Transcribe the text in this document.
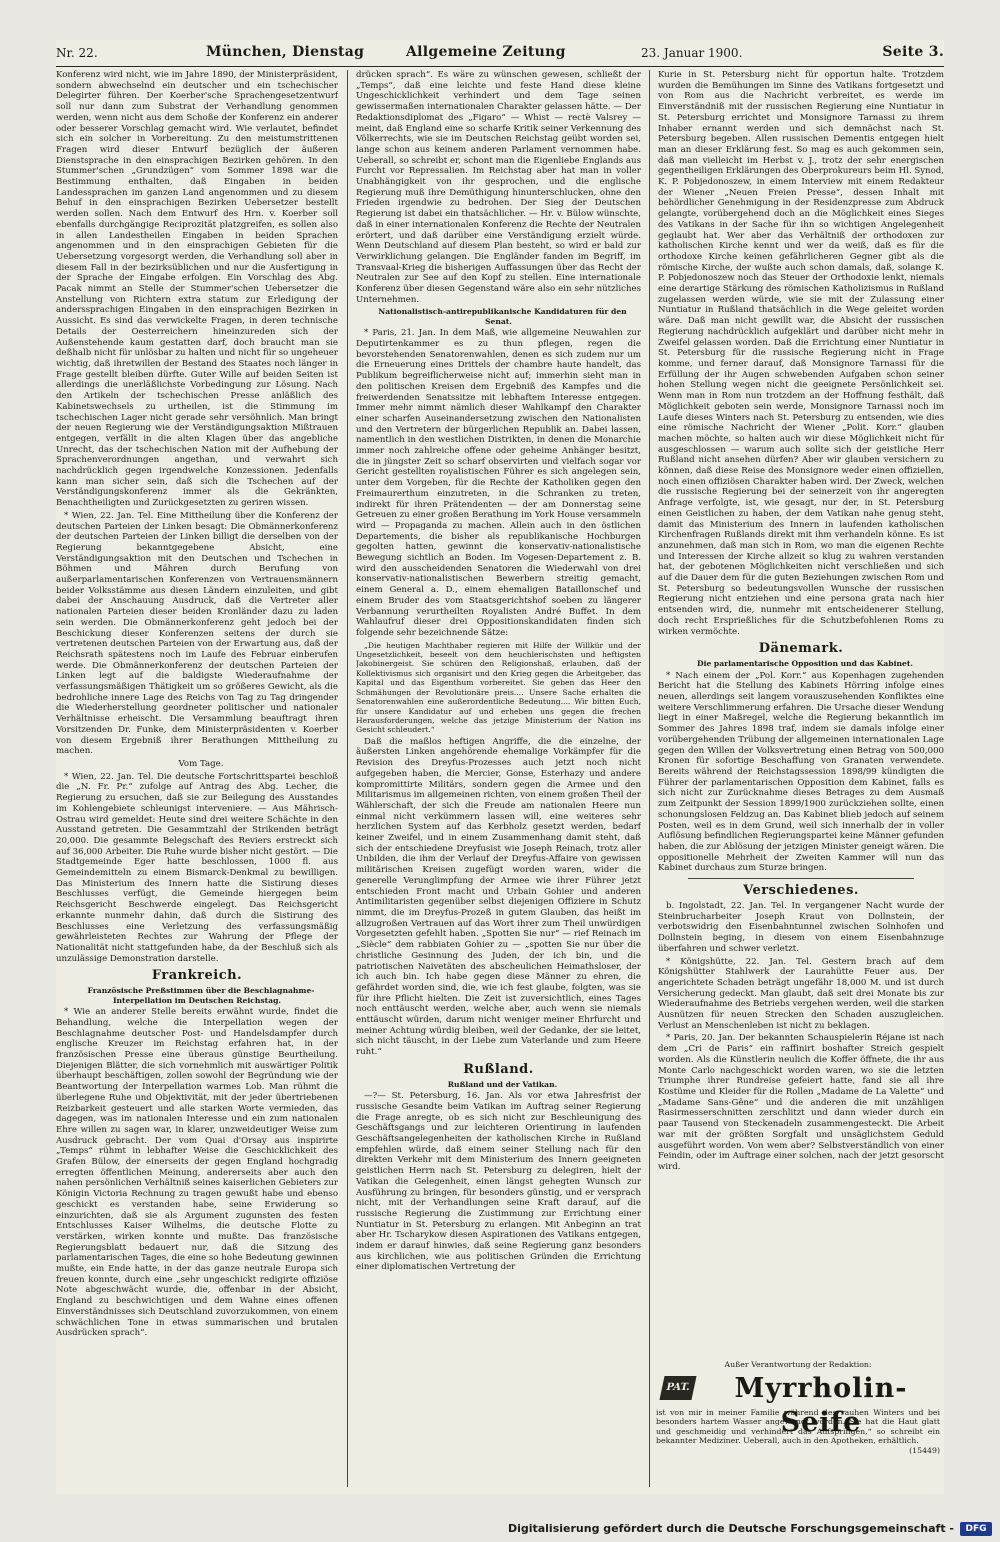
Nr. 22.	München, Dienstag	Allgemeine Zeitung	23. Januar 1900.	Seite 3.

Konferenz wird nicht, wie im Jahre 1890, der Ministerpräsident, sondern abwechselnd ein deutscher und ein tschechischer Delegirter führen. Der Koerber'sche Sprachengesetzentwurf soll nur dann zum Substrat der Verhandlung genommen werden, wenn nicht aus dem Schoße der Konferenz ein anderer oder besserer Vorschlag gemacht wird. Wie verlautet, befindet sich ein solcher in Vorbereitung. Zu den meistumstrittenen Fragen wird dieser Entwurf bezüglich der äußeren Dienstsprache in den einsprachigen Bezirken gehören. In den Stummer'schen „Grundzügen“ vom Sommer 1898 war die Bestimmung enthalten, daß Eingaben in beiden Landessprachen im ganzen Land angenommen und zu diesem Behuf in den einsprachigen Bezirken Uebersetzer bestellt werden sollen. Nach dem Entwurf des Hrn. v. Koerber soll ebenfalls durchgängige Reciprozität platzgreifen, es sollen also in allen Landestheilen Eingaben in beiden Sprachen angenommen und in den einsprachigen Gebieten für die Uebersetzung vorgesorgt werden, die Verhandlung soll aber in diesem Fall in der bezirksüblichen und nur die Ausfertigung in der Sprache der Eingabe erfolgen. Ein Vorschlag des Abg. Pacak nimmt an Stelle der Stummer'schen Uebersetzer die Anstellung von Richtern extra statum zur Erledigung der anderssprachigen Eingaben in den einsprachigen Bezirken in Aussicht. Es sind das verwickelte Fragen, in deren technische Details der Oesterreichern hineinzureden sich der Außenstehende kaum gestatten darf, doch braucht man sie deßhalb nicht für unlösbar zu halten und nicht für so ungeheuer wichtig, daß ihretwillen der Bestand des Staates noch länger in Frage gestellt bleiben dürfte. Guter Wille auf beiden Seiten ist allerdings die unerläßlichste Vorbedingung zur Lösung. Nach den Artikeln der tschechischen Presse anläßlich des Kabinetswechsels zu urtheilen, ist die Stimmung im tschechischen Lager nicht gerade sehr versöhnlich. Man bringt der neuen Regierung wie der Verständigungsaktion Mißtrauen entgegen, verfällt in die alten Klagen über das angebliche Unrecht, das der tschechischen Nation mit der Aufhebung der Sprachenverordnungen angethan, und verwahrt sich nachdrücklich gegen irgendwelche Konzessionen. Jedenfalls kann man sicher sein, daß sich die Tschechen auf der Verständigungskonferenz immer als die Gekränkten, Benachtheiligten und Zurückgesetzten zu geriren wissen.

* Wien, 22. Jan. Tel. Eine Mittheilung über die Konferenz der deutschen Parteien der Linken besagt: Die Obmännerkonferenz der deutschen Parteien der Linken billigt die derselben von der Regierung bekanntgegebene Absicht, eine Verständigungsaktion mit den Deutschen und Tschechen in Böhmen und Mähren durch Berufung von außerparlamentarischen Konferenzen von Vertrauensmännern beider Volksstämme aus diesen Ländern einzuleiten, und gibt dabei der Anschauung Ausdruck, daß die Vertreter aller nationalen Parteien dieser beiden Kronländer dazu zu laden sein werden. Die Obmännerkonferenz geht jedoch bei der Beschickung dieser Konferenzen seitens der durch sie vertretenen deutschen Parteien von der Erwartung aus, daß der Reichsrath spätestens noch im Laufe des Februar einberufen werde. Die Obmännerkonferenz der deutschen Parteien der Linken legt auf die baldigste Wiederaufnahme der verfassungsmäßigen Thätigkeit um so größeres Gewicht, als die bedrohliche innere Lage des Reichs von Tag zu Tag dringender die Wiederherstellung geordneter politischer und nationaler Verhältnisse erheischt. Die Versammlung beauftragt ihren Vorsitzenden Dr. Funke, dem Ministerpräsidenten v. Koerber von diesem Ergebniß ihrer Berathungen Mittheilung zu machen.

Vom Tage.

* Wien, 22. Jan. Tel. Die deutsche Fortschrittspartei beschloß die „N. Fr. Pr.“ zufolge auf Antrag des Abg. Lecher, die Regierung zu ersuchen, daß sie zur Beilegung des Ausstandes im Kohlengebiete schleunigst interveniere. — Aus Mährisch-Ostrau wird gemeldet: Heute sind drei weitere Schächte in den Ausstand getreten. Die Gesammtzahl der Strikenden beträgt 20,000. Die gesammte Belegschaft des Reviers erstreckt sich auf 36,000 Arbeiter. Die Ruhe wurde bisher nicht gestört. — Die Stadtgemeinde Eger hatte beschlossen, 1000 fl. aus Gemeindemitteln zu einem Bismarck-Denkmal zu bewilligen. Das Ministerium des Innern hatte die Sistirung dieses Beschlusses verfügt, die Gemeinde hiergegen beim Reichsgericht Beschwerde eingelegt. Das Reichsgericht erkannte nunmehr dahin, daß durch die Sistirung des Beschlusses eine Verletzung des verfassungsmäßig gewährleisteten Rechtes zur Wahrung der Pflege der Nationalität nicht stattgefunden habe, da der Beschluß sich als unzulässige Demonstration darstelle.

Frankreich.

Französische Preßstimmen über die Beschlagnahme-Interpellation im Deutschen Reichstag.

* Wie an anderer Stelle bereits erwähnt wurde, findet die Behandlung, welche die Interpellation wegen der Beschlagnahme deutscher Post- und Handelsdampfer durch englische Kreuzer im Reichstag erfahren hat, in der französischen Presse eine überaus günstige Beurtheilung. Diejenigen Blätter, die sich vornehmlich mit auswärtiger Politik überhaupt beschäftigen, zollen sowohl der Begründung wie der Beantwortung der Interpellation warmes Lob. Man rühmt die überlegene Ruhe und Objektivität, mit der jeder übertriebenen Reizbarkeit gesteuert und alle starken Worte vermieden, das dagegen, was im nationalen Interesse und ein zum nationalen Ehre willen zu sagen war, in klarer, unzweideutiger Weise zum Ausdruck gebracht. Der vom Quai d'Orsay aus inspirirte „Temps“ rühmt in lebhafter Weise die Geschicklichkeit des Grafen Bülow, der einerseits der gegen England hochgradig erregten öffentlichen Meinung, andererseits aber auch den nahen persönlichen Verhältniß seines kaiserlichen Gebieters zur Königin Victoria Rechnung zu tragen gewußt habe und ebenso geschickt es verstanden habe, seine Erwiderung so einzurichten, daß sie als Argument zugunsten des festen Entschlusses Kaiser Wilhelms, die deutsche Flotte zu verstärken, wirken konnte und mußte. Das französische Regierungsblatt bedauert nur, daß die Sitzung des parlamentarischen Tages, die eine so hohe Bedeutung gewinnen mußte, ein Ende hatte, in der das ganze neutrale Europa sich freuen konnte, durch eine „sehr ungeschickt redigirte offiziöse Note abgeschwächt wurde, die, offenbar in der Absicht, England zu beschwichtigen und dem Wahne eines offenen Einverständnisses sich Deutschland zuvorzukommen, von einem schwächlichen Tone in etwas summarischen und brutalen Ausdrücken sprach“.

drücken sprach“. Es wäre zu wünschen gewesen, schließt der „Temps“, daß eine leichte und feste Hand diese kleine Ungeschicklichkeit verhindert und dem Tage seinen gewissermaßen internationalen Charakter gelassen hätte. — Der Redaktionsdiplomat des „Figaro“ — Whist — rectè Valsrey — meint, daß England eine so scharfe Kritik seiner Verkennung des Völkerrechts, wie sie im Deutschen Reichstag geübt worden sei, lange schon aus keinem anderen Parlament vernommen habe. Ueberall, so schreibt er, schont man die Eigenliebe Englands aus Furcht vor Repressalien. Im Reichstag aber hat man in voller Unabhängigkeit von ihr gesprochen, und die englische Regierung muß ihre Demüthigung hinunterschlucken, ohne den Frieden irgendwie zu bedrohen. Der Sieg der Deutschen Regierung ist dabei ein thatsächlicher. — Hr. v. Bülow wünschte, daß in einer internationalen Konferenz die Rechte der Neutralen erörtert, und daß darüber eine Verständigung erzielt würde. Wenn Deutschland auf diesem Plan besteht, so wird er bald zur Verwirklichung gelangen. Die Engländer fanden im Begriff, im Transvaal-Krieg die bisherigen Auffassungen über das Recht der Neutralen zur See auf den Kopf zu stellen. Eine internationale Konferenz über diesen Gegenstand wäre also ein sehr nützliches Unternehmen.

Nationalistisch-antirepublikanische Kandidaturen für den Senat.

* Paris, 21. Jan. In dem Maß, wie allgemeine Neuwahlen zur Deputirtenkammer es zu thun pflegen, regen die bevorstehenden Senatorenwahlen, denen es sich zudem nur um die Erneuerung eines Drittels der chambre haute handelt, das Publikum begreiflicherweise nicht auf; immerhin sieht man in den politischen Kreisen dem Ergebniß des Kampfes und die freiwerdenden Senatssitze mit lebhaftem Interesse entgegen. Immer mehr nimmt nämlich dieser Wahlkampf den Charakter einer scharfen Auseinandersetzung zwischen den Nationalisten und den Vertretern der bürgerlichen Republik an. Dabei lassen, namentlich in den westlichen Distrikten, in denen die Monarchie immer noch zahlreiche offene oder geheime Anhänger besitzt, die in jüngster Zeit so scharf observirten und vielfach sogar vor Gericht gestellten royalistischen Führer es sich angelegen sein, unter dem Vorgeben, für die Rechte der Katholiken gegen den Freimaurerthum einzutreten, in die Schranken zu treten, indirekt für ihren Prätendenten — der am Donnerstag seine Getreuen zu einer großen Berathung im York House versammeln wird — Propaganda zu machen. Allein auch in den östlichen Departements, die bisher als republikanische Hochburgen gegolten hatten, gewinnt die konservativ-nationalistische Bewegung sichtlich an Boden. Im Vogesen-Departement z. B. wird den ausscheidenden Senatoren die Wiederwahl von drei konservativ-nationalistischen Bewerbern streitig gemacht, einem General a. D., einem ehemaligen Bataillonschef und einem Bruder des vom Staatsgerichtshof soeben zu längerer Verbannung verurtheilten Royalisten André Buffet. In dem Wahlaufruf dieser drei Oppositionskandidaten finden sich folgende sehr bezeichnende Sätze:

„Die heutigen Machthaber regieren mit Hilfe der Willkür und der Ungesetzlichkeit, beseelt von dem heuchlerischsten und heftigsten Jakobinergeist. Sie schüren den Religionshaß, erlauben, daß der Kollektivismus sich organisirt und den Krieg gegen die Arbeitgeber, das Kapital und das Eigenthum vorbereitet. Sie geben das Heer den Schmähungen der Revolutionäre preis.... Unsere Sache erhalten die Senatorenwahlen eine außerordentliche Bedeutung.... Wir bitten Euch, für unsere Kandidatur auf und erheben uns gegen die frechen Herausforderungen, welche das jetzige Ministerium der Nation ins Gesicht schleudert.“

Daß die maßlos heftigen Angriffe, die die einzelne, der äußersten Linken angehörende ehemalige Vorkämpfer für die Revision des Dreyfus-Prozesses auch jetzt noch nicht aufgegeben haben, die Mercier, Gonse, Esterhazy und andere kompromittirte Militärs, sondern gegen die Armee und den Militarismus im allgemeinen richten, von einem großen Theil der Wählerschaft, der sich die Freude am nationalen Heere nun einmal nicht verkümmern lassen will, eine weiteres sehr herzlichen System auf das Kerbholz gesetzt werden, bedarf keiner Zweifel, und in einem Zusammenhang damit steht, daß sich der entschiedene Dreyfusist wie Joseph Reinach, trotz aller Unbilden, die ihm der Verlauf der Dreyfus-Affaire von gewissen militärischen Kreisen zugefügt worden waren, wider die generelle Verunglimpfung der Armee wie ihrer Führer jetzt entschieden Front macht und Urbain Gohier und anderen Antimilitaristen gegenüber selbst diejenigen Offiziere in Schutz nimmt, die im Dreyfus-Prozeß in gutem Glauben, das heißt im allzugroßen Vertrauen auf das Wort ihrer zum Theil unwürdigen Vorgesetzten gefehlt haben. „Spotten Sie nur“ — rief Reinach im „Siècle“ dem rabbiaten Gohier zu — „spotten Sie nur über die christliche Gesinnung des Juden, der ich bin, und die patriotischen Naivetäten des abscheulichen Heimathsloser, der ich auch bin. Ich habe gegen diese Männer zu ehren, die gefährdet worden sind, die, wie ich fest glaube, folgten, was sie für ihre Pflicht hielten. Die Zeit ist zuversichtlich, eines Tages noch enttäuscht werden, welche aber, auch wenn sie niemals enttäuscht würden, darum nicht weniger meiner Ehrfurcht und meiner Achtung würdig bleiben, weil der Gedanke, der sie leitet, sich nicht täuscht, in der Liebe zum Vaterlande und zum Heere ruht.“

Rußland.

Rußland und der Vatikan.

—?— St. Petersburg, 16. Jan. Als vor etwa Jahresfrist der russische Gesandte beim Vatikan im Auftrag seiner Regierung die Frage anregte, ob es sich nicht zur Beschleunigung des Geschäftsgangs und zur leichteren Orientirung in laufenden Geschäftsangelegenheiten der katholischen Kirche in Rußland empfehlen würde, daß einem seiner Stellung nach für den direkten Verkehr mit dem Ministerium des Innern geeigneten geistlichen Herrn nach St. Petersburg zu delegiren, hielt der Vatikan die Gelegenheit, einen längst gehegten Wunsch zur Ausführung zu bringen, für besonders günstig, und er versprach nicht, mit der Verhandlungen seine Kraft darauf, auf die russische Regierung die Zustimmung zur Errichtung einer Nuntiatur in St. Petersburg zu erlangen. Mit Anbeginn an trat aber Hr. Tscharykow diesen Aspirationen des Vatikans entgegen, indem er darauf hinwies, daß seine Regierung ganz besonders aus kirchlichen, wie aus politischen Gründen die Errichtung einer diplomatischen Vertretung der

Kurie in St. Petersburg nicht für opportun halte. Trotzdem wurden die Bemühungen im Sinne des Vatikans fortgesetzt und von Rom aus die Nachricht verbreitet, es werde im Einverständniß mit der russischen Regierung eine Nuntiatur in St. Petersburg errichtet und Monsignore Tarnassi zu ihrem Inhaber ernannt werden und sich demnächst nach St. Petersburg begeben. Allen russischen Dementis entgegen hielt man an dieser Erklärung fest. So mag es auch gekommen sein, daß man vielleicht im Herbst v. J., trotz der sehr energischen gegentheiligen Erklärungen des Oberprokureurs beim Hl. Synod, K. P. Pobjedonoszew, in einem Interview mit einem Redakteur der Wiener „Neuen Freien Presse“, dessen Inhalt mit behördlicher Genehmigung in der Residenzpresse zum Abdruck gelangte, vorübergehend doch an die Möglichkeit eines Sieges des Vatikans in der Sache für ihn so wichtigen Angelegenheit geglaubt hat. Wer aber das Verhältniß der orthodoxen zur katholischen Kirche kennt und wer da weiß, daß es für die orthodoxe Kirche keinen gefährlicheren Gegner gibt als die römische Kirche, der wußte auch schon damals, daß, solange K. P. Pobjedonoszew noch das Steuer der Orthodoxie lenkt, niemals eine derartige Stärkung des römischen Katholizismus in Rußland zugelassen werden würde, wie sie mit der Zulassung einer Nuntiatur in Rußland thatsächlich in die Wege geleitet worden wäre. Daß man nicht gewillt war, die Absicht der russischen Regierung nachdrücklich aufgeklärt und darüber nicht mehr in Zweifel gelassen worden. Daß die Errichtung einer Nuntiatur in St. Petersburg für die russische Regierung nicht in Frage komme, und ferner darauf, daß Monsignore Tarnassi für die Erfüllung der ihr Augen schwebenden Aufgaben schon seiner hohen Stellung wegen nicht die geeignete Persönlichkeit sei. Wenn man in Rom nun trotzdem an der Hoffnung festhält, daß Möglichkeit geboten sein werde, Monsignore Tarnassi noch im Laufe dieses Winters nach St. Petersburg zu entsenden, wie dies eine römische Nachricht der Wiener „Polit. Korr.“ glauben machen möchte, so halten auch wir diese Möglichkeit nicht für ausgeschlossen — warum auch sollte sich der geistliche Herr Rußland nicht ansehen dürfen? Aber wir glauben versichern zu können, daß diese Reise des Monsignore weder einen offiziellen, noch einen offiziösen Charakter haben wird. Der Zweck, welchen die russische Regierung bei der seinerzeit von ihr angeregten Anfrage verfolgte, ist, wie gesagt, nur der, in St. Petersburg einen Geistlichen zu haben, der dem Vatikan nahe genug steht, damit das Ministerium des Innern in laufenden katholischen Kirchenfragen Rußlands direkt mit ihm verhandeln könne. Es ist anzunehmen, daß man sich in Rom, wo man die eigenen Rechte und Interessen der Kirche allzeit so klug zu wahren verstanden hat, der gebotenen Möglichkeiten nicht verschließen und sich auf die Dauer dem für die guten Beziehungen zwischen Rom und St. Petersburg so bedeutungsvollen Wunsche der russischen Regierung nicht entziehen und eine persona grata nach hier entsenden wird, die, nunmehr mit entscheidenerer Stellung, doch recht Ersprießliches für die Schutzbefohlenen Roms zu wirken vermöchte.

Dänemark.

Die parlamentarische Opposition und das Kabinet.

* Nach einem der „Pol. Korr.“ aus Kopenhagen zugehenden Bericht hat die Stellung des Kabinets Hörring infolge eines neuen, allerdings seit langem vorauszusehenden Konfliktes eine weitere Verschlimmerung erfahren. Die Ursache dieser Wendung liegt in einer Maßregel, welche die Regierung bekanntlich im Sommer des Jahres 1898 traf, indem sie damals infolge einer vorübergehenden Trübung der allgemeinen internationalen Lage gegen den Willen der Volksvertretung einen Betrag von 500,000 Kronen für sofortige Beschaffung von Granaten verwendete. Bereits während der Reichstagssession 1898/99 kündigten die Führer der parlamentarischen Opposition dem Kabinet, falls es sich nicht zur Zurücknahme dieses Betrages zu dem Ausmaß zum Zeitpunkt der Session 1899/1900 zurückziehen sollte, einen schonungslosen Feldzug an. Das Kabinet blieb jedoch auf seinem Posten, weil es in dem Grund, weil sich innerhalb der in voller Auflösung befindlichen Regierungspartei keine Männer gefunden haben, die zur Ablösung der jetzigen Minister geneigt wären. Die oppositionelle Mehrheit der Zweiten Kammer will nun das Kabinet durchaus zum Sturze bringen.

Verschiedenes.

b. Ingolstadt, 22. Jan. Tel. In vergangener Nacht wurde der Steinbrucharbeiter Joseph Kraut von Dollnstein, der verbotswidrig den Eisenbahntunnel zwischen Solnhofen und Dollnstein beging, in diesem von einem Eisenbahnzuge überfahren und schwer verletzt.

* Königshütte, 22. Jan. Tel. Gestern brach auf dem Königshütter Stahlwerk der Laurahütte Feuer aus. Der angerichtete Schaden beträgt ungefähr 18,000 M. und ist durch Versicherung gedeckt. Man glaubt, daß seit drei Monate bis zur Wiederaufnahme des Betriebs vergehen werden, weil die starken Ausnützen für neuen Strecken den Schaden auszugleichen. Verlust an Menschenleben ist nicht zu beklagen.

* Paris, 20. Jan. Der bekannten Schauspielerin Réjane ist nach dem „Cri de Paris“ ein raffinirt boshafter Streich gespielt worden. Als die Künstlerin neulich die Koffer öffnete, die ihr aus Monte Carlo nachgeschickt worden waren, wo sie die letzten Triumphe ihrer Rundreise gefeiert hatte, fand sie all ihre Kostüme und Kleider für die Rollen „Madame de La Valette“ und „Madame Sans-Gêne“ und die anderen die mit unzähligen Rasirmesserschnitten zerschlitzt und dann wieder durch ein paar Tausend von Steckenadeln zusammengesteckt. Die Arbeit war mit der größten Sorgfalt und unsäglichstem Geduld ausgeführt worden. Von wem aber? Selbstverständlich von einer Feindin, oder im Auftrage einer solchen, nach der jetzt gesorscht wird.

Außer Verantwortung der Redaktion:
PAT.	Myrrholin-Seife
ist von mir in meiner Familie während des rauhen Winters und bei besonders hartem Wasser angewandt worden. Sie hat die Haut glatt und geschmeidig und verhindert das Aufspringen,“ so schreibt ein bekannter Mediziner. Ueberall, auch in den Apotheken, erhältlich.
(15449)
Digitalisierung gefördert durch die Deutsche Forschungsgemeinschaft -	DFG
